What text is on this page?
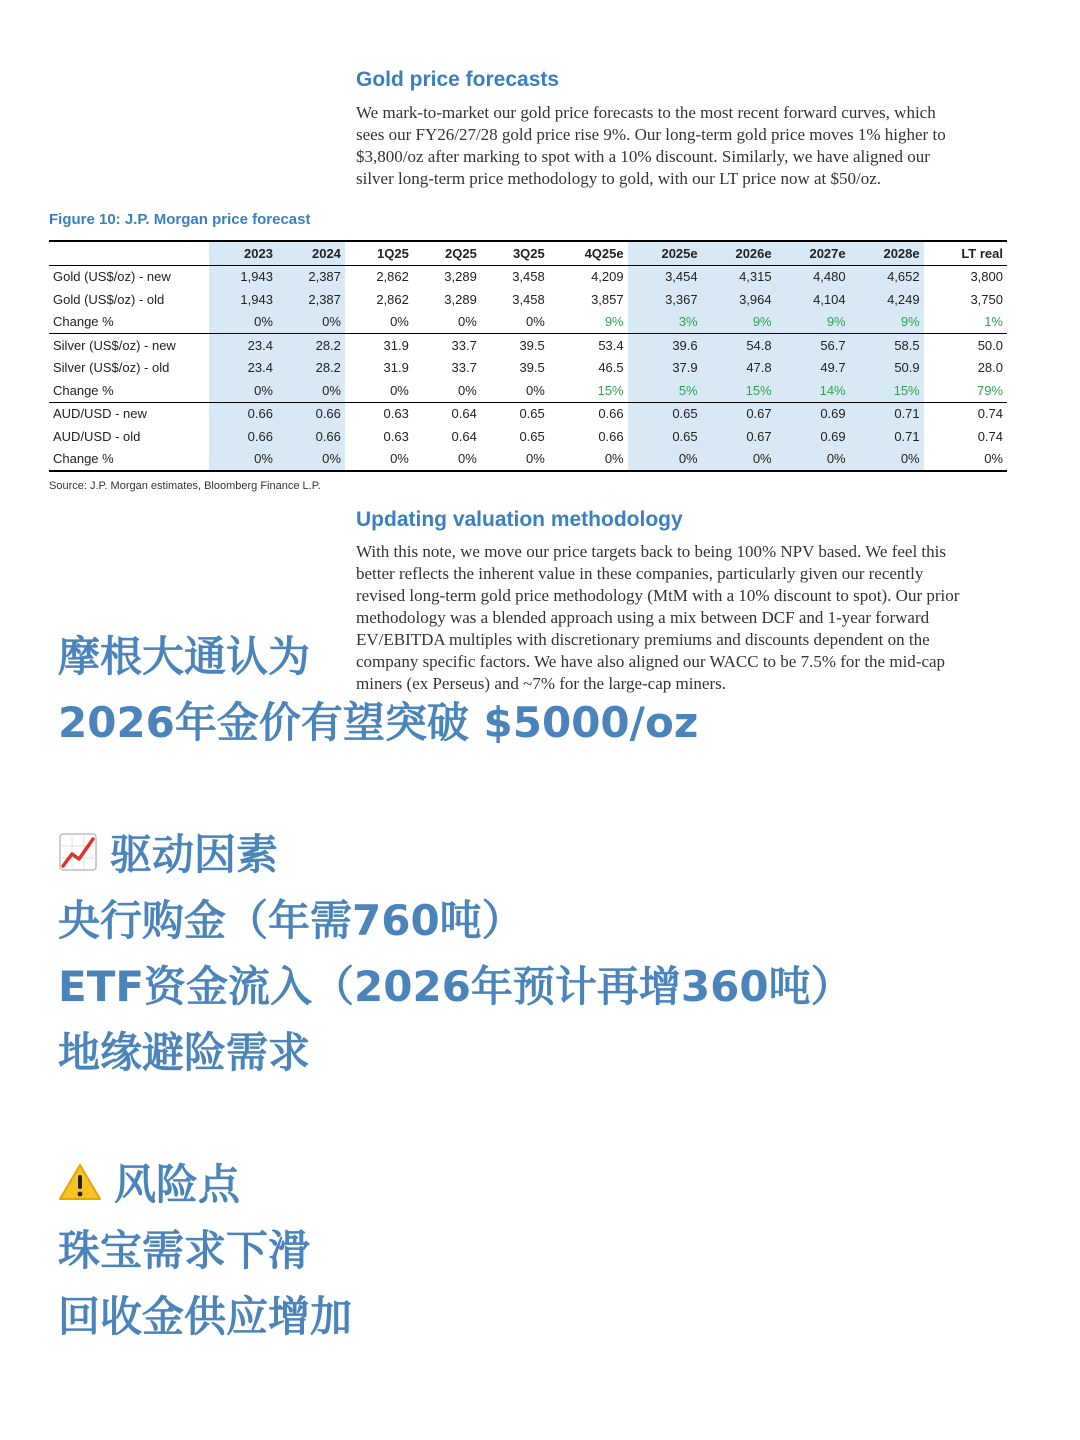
Gold price forecasts
We mark-to-market our gold price forecasts to the most recent forward curves, which
sees our FY26/27/28 gold price rise 9%. Our long-term gold price moves 1% higher to
$3,800/oz after marking to spot with a 10% discount. Similarly, we have aligned our
silver long-term price methodology to gold, with our LT price now at $50/oz.
Figure 10: J.P. Morgan price forecast
	2023	2024	1Q25	2Q25	3Q25	4Q25e	2025e	2026e	2027e	2028e	LT real
Gold (US$/oz) - new	1,943	2,387	2,862	3,289	3,458	4,209	3,454	4,315	4,480	4,652	3,800
Gold (US$/oz) - old	1,943	2,387	2,862	3,289	3,458	3,857	3,367	3,964	4,104	4,249	3,750
Change %	0%	0%	0%	0%	0%	9%	3%	9%	9%	9%	1%
Silver (US$/oz) - new	23.4	28.2	31.9	33.7	39.5	53.4	39.6	54.8	56.7	58.5	50.0
Silver (US$/oz) - old	23.4	28.2	31.9	33.7	39.5	46.5	37.9	47.8	49.7	50.9	28.0
Change %	0%	0%	0%	0%	0%	15%	5%	15%	14%	15%	79%
AUD/USD - new	0.66	0.66	0.63	0.64	0.65	0.66	0.65	0.67	0.69	0.71	0.74
AUD/USD - old	0.66	0.66	0.63	0.64	0.65	0.66	0.65	0.67	0.69	0.71	0.74
Change %	0%	0%	0%	0%	0%	0%	0%	0%	0%	0%	0%
Source: J.P. Morgan estimates, Bloomberg Finance L.P.
Updating valuation methodology
With this note, we move our price targets back to being 100% NPV based. We feel this
better reflects the inherent value in these companies, particularly given our recently
revised long-term gold price methodology (MtM with a 10% discount to spot). Our prior
methodology was a blended approach using a mix between DCF and 1-year forward
EV/EBITDA multiples with discretionary premiums and discounts dependent on the
company specific factors. We have also aligned our WACC to be 7.5% for the mid-cap
miners (ex Perseus) and ~7% for the large-cap miners.
摩根大通认为
2026年金价有望突破 $5000/oz
驱动因素
央行购金（年需760吨）
ETF资金流入（2026年预计再增360吨）
地缘避险需求
风险点
珠宝需求下滑
回收金供应增加
